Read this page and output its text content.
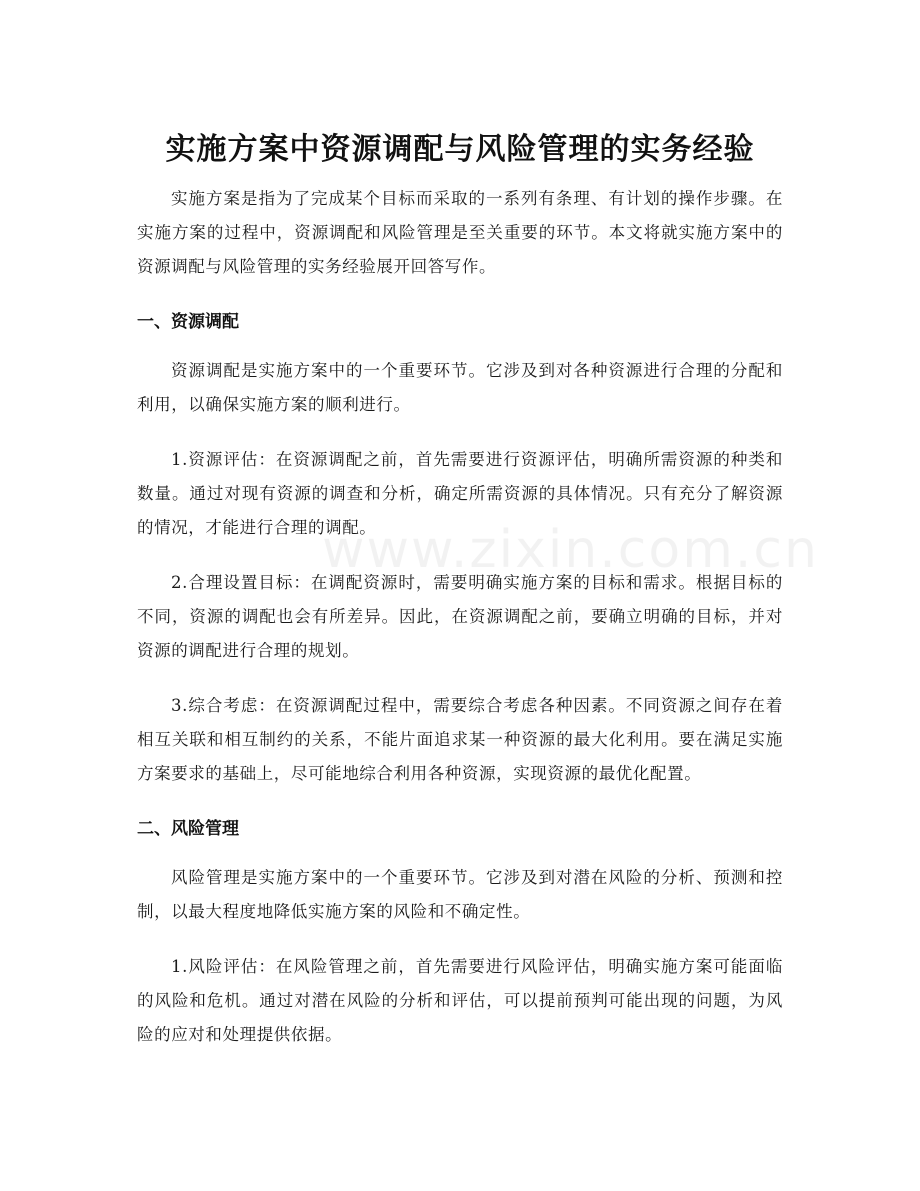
实施方案中资源调配与风险管理的实务经验
www.zixin.com.cn

实施方案是指为了完成某个目标而采取的一系列有条理、有计划的操作步骤。在实施方案的过程中，资源调配和风险管理是至关重要的环节。本文将就实施方案中的资源调配与风险管理的实务经验展开回答写作。

一、资源调配

资源调配是实施方案中的一个重要环节。它涉及到对各种资源进行合理的分配和利用，以确保实施方案的顺利进行。

1.资源评估：在资源调配之前，首先需要进行资源评估，明确所需资源的种类和数量。通过对现有资源的调查和分析，确定所需资源的具体情况。只有充分了解资源的情况，才能进行合理的调配。

2.合理设置目标：在调配资源时，需要明确实施方案的目标和需求。根据目标的不同，资源的调配也会有所差异。因此，在资源调配之前，要确立明确的目标，并对资源的调配进行合理的规划。

3.综合考虑：在资源调配过程中，需要综合考虑各种因素。不同资源之间存在着相互关联和相互制约的关系，不能片面追求某一种资源的最大化利用。要在满足实施方案要求的基础上，尽可能地综合利用各种资源，实现资源的最优化配置。

二、风险管理

风险管理是实施方案中的一个重要环节。它涉及到对潜在风险的分析、预测和控制，以最大程度地降低实施方案的风险和不确定性。

1.风险评估：在风险管理之前，首先需要进行风险评估，明确实施方案可能面临的风险和危机。通过对潜在风险的分析和评估，可以提前预判可能出现的问题，为风险的应对和处理提供依据。
